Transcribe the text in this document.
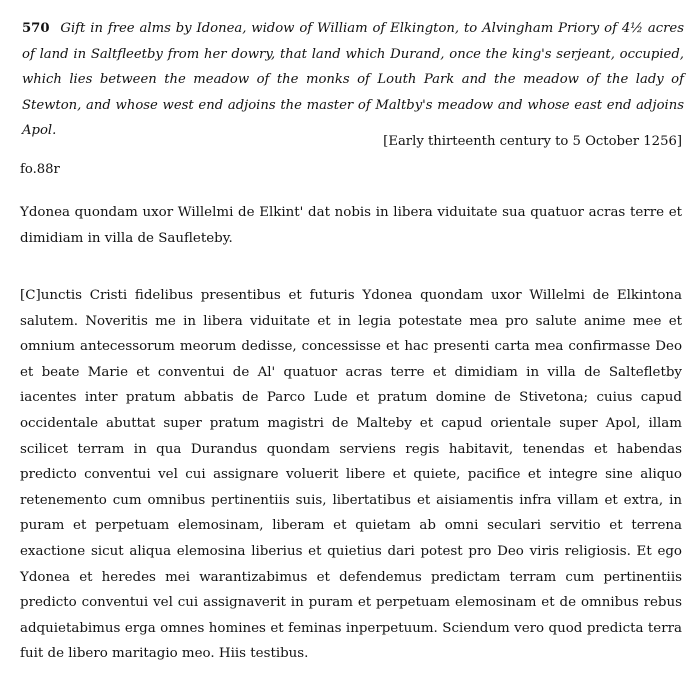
570 Gift in free alms by Idonea, widow of William of Elkington, to Alvingham Priory of 4½ acres of land in Saltfleetby from her dowry, that land which Durand, once the king's serjeant, occupied, which lies between the meadow of the monks of Louth Park and the meadow of the lady of Stewton, and whose west end adjoins the master of Maltby's meadow and whose east end adjoins Apol.
[Early thirteenth century to 5 October 1256]
fo.88r

Ydonea quondam uxor Willelmi de Elkint' dat nobis in libera viduitate sua quatuor acras terre et dimidiam in villa de Saufleteby.

[C]unctis Cristi fidelibus presentibus et futuris Ydonea quondam uxor Willelmi de Elkintona salutem. Noveritis me in libera viduitate et in legia potestate mea pro salute anime mee et omnium antecessorum meorum dedisse, concessisse et hac presenti carta mea confirmasse Deo et beate Marie et conventui de Al' quatuor acras terre et dimidiam in villa de Saltefletby iacentes inter pratum abbatis de Parco Lude et pratum domine de Stivetona; cuius capud occidentale abuttat super pratum magistri de Malteby et capud orientale super Apol, illam scilicet terram in qua Durandus quondam serviens regis habitavit, tenendas et habendas predicto conventui vel cui assignare voluerit libere et quiete, pacifice et integre sine aliquo retenemento cum omnibus pertinentiis suis, libertatibus et aisiamentis infra villam et extra, in puram et perpetuam elemosinam, liberam et quietam ab omni seculari servitio et terrena exactione sicut aliqua elemosina liberius et quietius dari potest pro Deo viris religiosis. Et ego Ydonea et heredes mei warantizabimus et defendemus predictam terram cum pertinentiis predicto conventui vel cui assignaverit in puram et perpetuam elemosinam et de omnibus rebus adquietabimus erga omnes homines et feminas inperpetuum. Sciendum vero quod predicta terra fuit de libero maritagio meo. Hiis testibus.
